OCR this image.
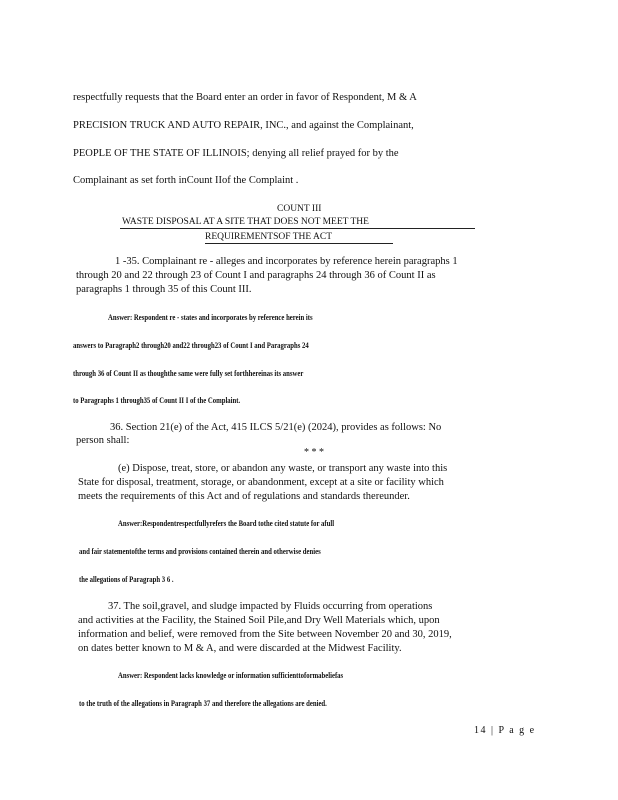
respectfully requests that the Board enter an order in favor of Respondent, M & A
PRECISION TRUCK AND AUTO REPAIR, INC., and against the Complainant,
PEOPLE OF THE STATE OF ILLINOIS; denying all relief prayed for by the
Complainant as set forth inCount IIof the Complaint .
COUNT III
WASTE DISPOSAL AT A SITE THAT DOES NOT MEET THE
REQUIREMENTSOF THE ACT
1 -35. Complainant re - alleges and incorporates by reference herein paragraphs 1
through 20 and 22 through 23 of Count I and paragraphs 24 through 36 of Count II as
paragraphs 1 through 35 of this Count III.
Answer: Respondent re - states and incorporates by reference herein its
answers to Paragraph2 through20 and22 through23 of Count I and Paragraphs 24
through 36 of Count II as thoughthe same were fully set forthhereinas its answer
to Paragraphs 1 through35 of Count II I of the Complaint.
36. Section 21(e) of the Act, 415 ILCS 5/21(e) (2024), provides as follows: No
person shall:
* * *
(e) Dispose, treat, store, or abandon any waste, or transport any waste into this
State for disposal, treatment, storage, or abandonment, except at a site or facility which
meets the requirements of this Act and of regulations and standards thereunder.
Answer:Respondentrespectfullyrefers the Board tothe cited statute for afull
and fair statementofthe terms and provisions contained therein and otherwise denies
the allegations of Paragraph 3 6 .
37. The soil,gravel, and sludge impacted by Fluids occurring from operations
and activities at the Facility, the Stained Soil Pile,and Dry Well Materials which, upon
information and belief, were removed from the Site between November 20 and 30, 2019,
on dates better known to M & A, and were discarded at the Midwest Facility.
Answer: Respondent lacks knowledge or information sufficienttoformabeliefas
to the truth of the allegations in Paragraph 37 and therefore the allegations are denied.
14 | P a g e
